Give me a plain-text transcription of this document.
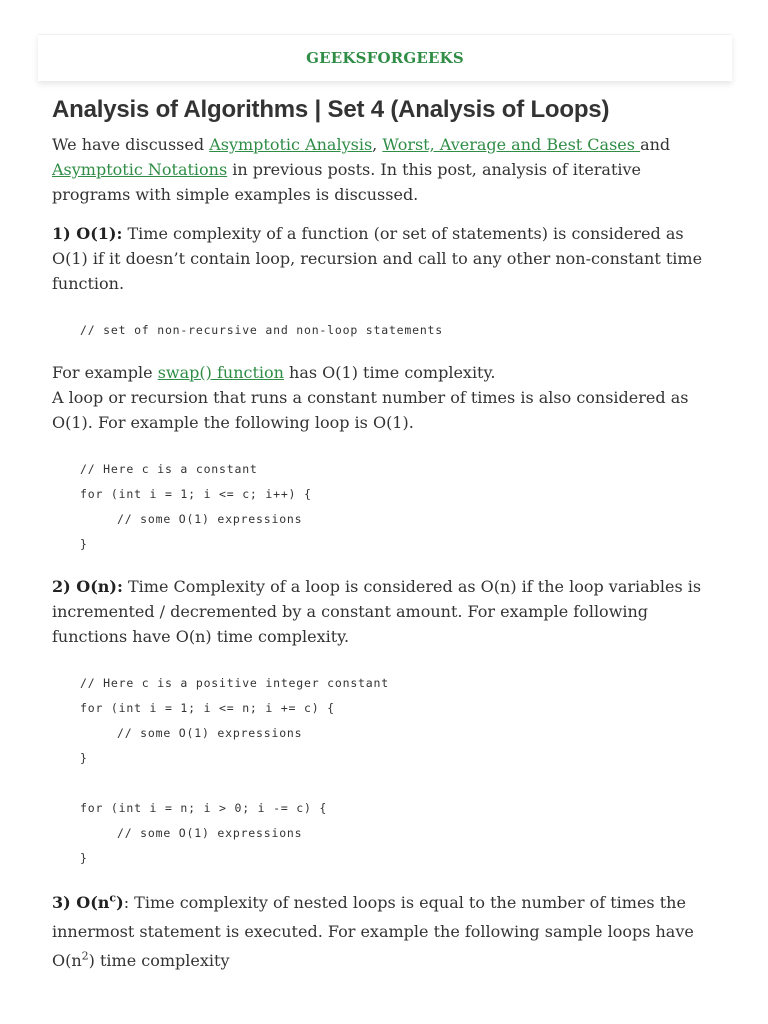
GEEKSFORGEEKS
Analysis of Algorithms | Set 4 (Analysis of Loops)

We have discussed Asymptotic Analysis, Worst, Average and Best Cases and Asymptotic Notations in previous posts. In this post, analysis of iterative programs with simple examples is discussed.

1) O(1): Time complexity of a function (or set of statements) is considered as O(1) if it doesn’t contain loop, recursion and call to any other non-constant time function.

// set of non-recursive and non-loop statements

For example swap() function has O(1) time complexity.

A loop or recursion that runs a constant number of times is also considered as O(1). For example the following loop is O(1).

// Here c is a constant
for (int i = 1; i <= c; i++) {
// some O(1) expressions
}

2) O(n): Time Complexity of a loop is considered as O(n) if the loop variables is incremented / decremented by a constant amount. For example following functions have O(n) time complexity.

// Here c is a positive integer constant
for (int i = 1; i <= n; i += c) {
// some O(1) expressions
}
for (int i = n; i > 0; i -= c) {
// some O(1) expressions
}

3) $O(n^c)$: Time complexity of nested loops is equal to the number of times the innermost statement is executed. For example the following sample loops have $O(n^2)$ time complexity
